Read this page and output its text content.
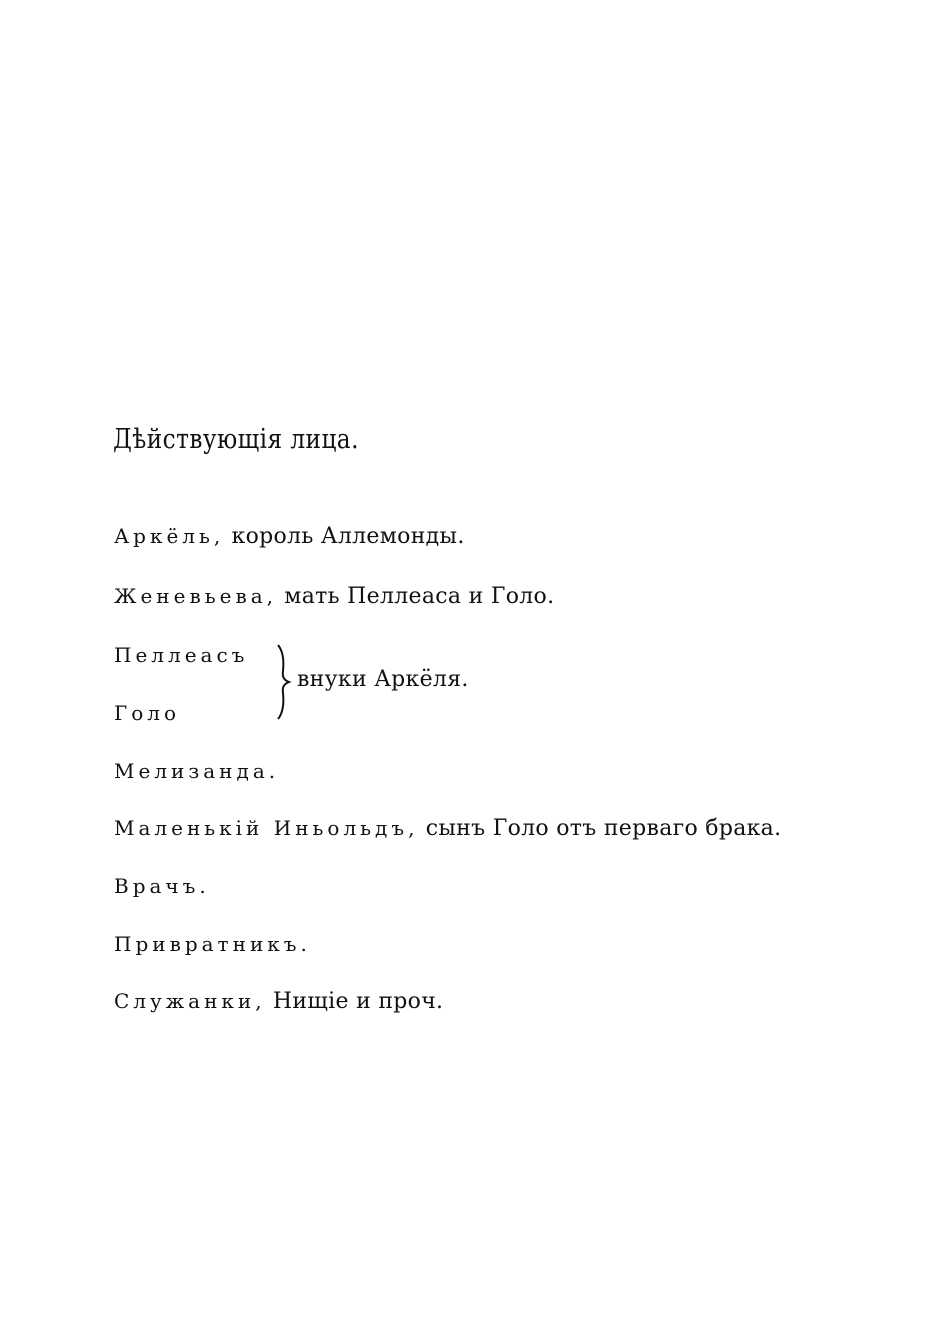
Дѣйствующія лица.
Аркёль, король Аллемонды.
Женевьева, мать Пеллеаса и Голо.
Пеллеасъ
Голо
внуки Аркёля.
Мелизанда.
Маленькій Иньольдъ, сынъ Голо отъ перваго брака.
Врачъ.
Привратникъ.
Служанки, Нищіе и проч.
